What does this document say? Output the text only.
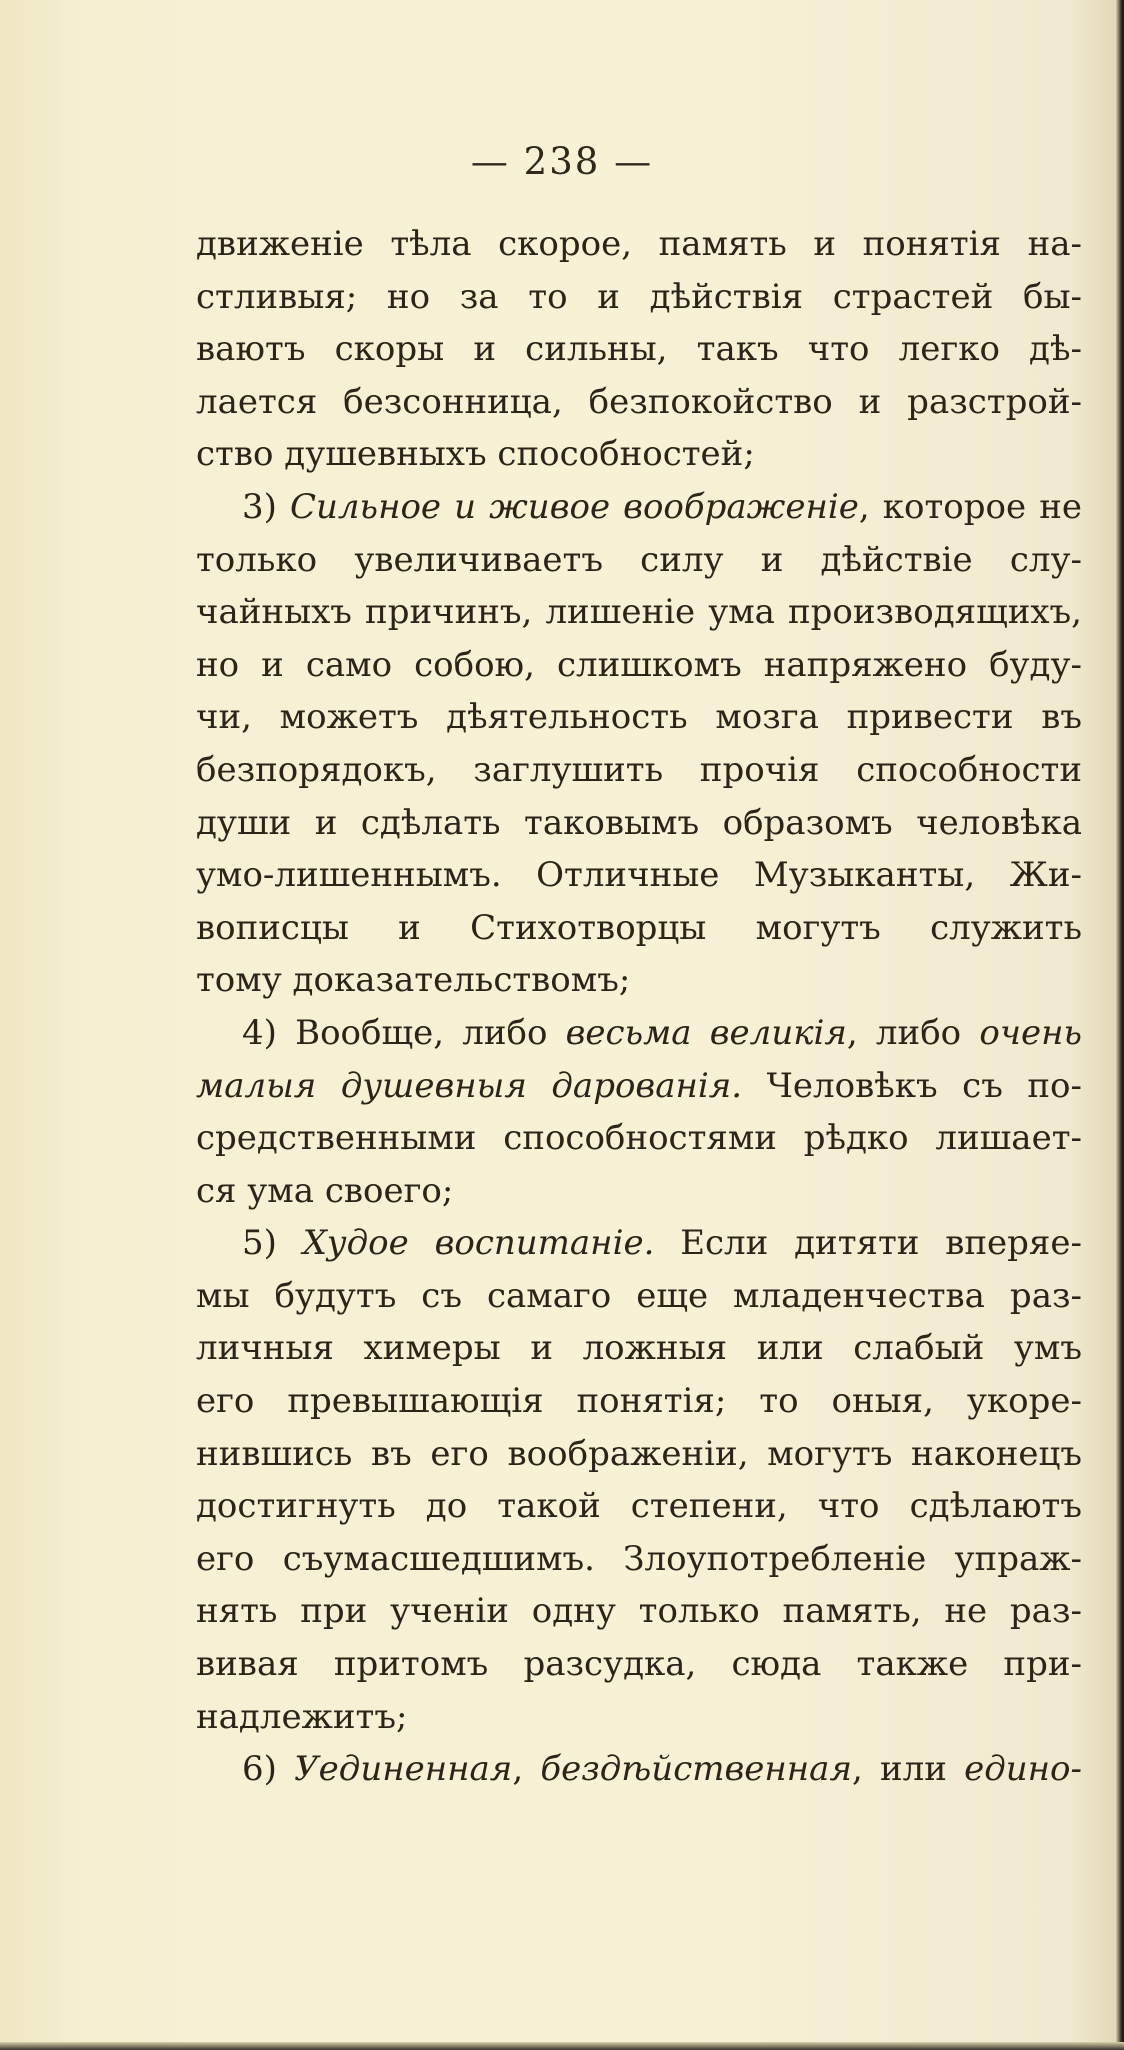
— 238 —
движенiе тѣла скорое, память и понятiя нa-
стливыя; но за то и дѣйствiя страстей бы-
ваютъ скоры и сильны, такъ что легко дѣ-
лается безсонница, безпокойство и разстрой-
ство душевныхъ способностей;
3) Сильное и живое воображенiе, которое не
только увеличиваетъ силу и дѣйствiе слу-
чайныхъ причинъ, лишенiе ума производящихъ,
но и само собою, слишкомъ напряжено буду-
чи, можетъ дѣятельность мозга привести въ
безпорядокъ, заглушить прочiя способности
души и сдѣлать таковымъ образомъ человѣка
умо-лишеннымъ. Отличные Музыканты, Жи-
вописцы и Стихотворцы могутъ служить
тому доказательствомъ;
4) Вообще, либо весьма великiя, либо очень
малыя душевныя дарованiя. Человѣкъ съ по-
средственными способностями рѣдко лишает-
ся ума своего;
5) Худое воспитанiе. Если дитяти вперяе-
мы будутъ съ самаго еще младенчества раз-
личныя химеры и ложныя или слабый умъ
его превышающiя понятiя; то оныя, укоре-
нившись въ его воображенiи, могутъ наконецъ
достигнуть до такой степени, что сдѣлаютъ
его съумасшедшимъ. Злоупотребленiе упраж-
нять при ученiи одну только память, не раз-
вивая притомъ разсудка, сюда также при-
надлежитъ;
6) Уединенная, бездѣйственная, или едино-
